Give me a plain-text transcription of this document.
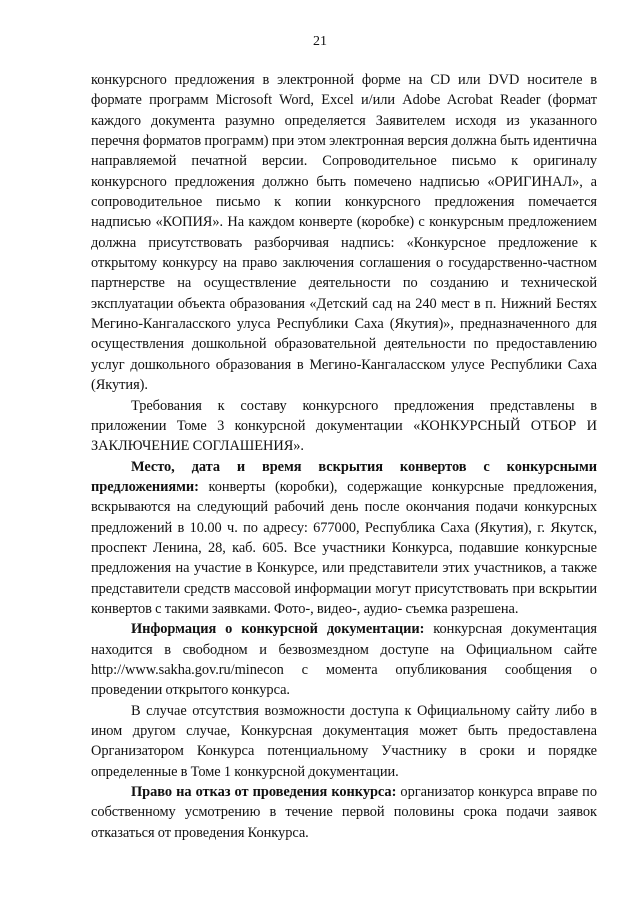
21

конкурсного предложения в электронной форме на CD или DVD носителе в формате программ Microsoft Word, Excel и/или Adobe Acrobat Reader (формат каждого документа разумно определяется Заявителем исходя из указанного перечня форматов программ) при этом электронная версия должна быть идентична направляемой печатной версии. Сопроводительное письмо к оригиналу конкурсного предложения должно быть помечено надписью «ОРИГИНАЛ», а сопроводительное письмо к копии конкурсного предложения помечается надписью «КОПИЯ». На каждом конверте (коробке) с конкурсным предложением должна присутствовать разборчивая надпись: «Конкурсное предложение к открытому конкурсу на право заключения соглашения о государственно-частном партнерстве на осуществление деятельности по созданию и технической эксплуатации объекта образования «Детский сад на 240 мест в п. Нижний Бестях Мегино-Кангаласского улуса Республики Саха (Якутия)», предназначенного для осуществления дошкольной образовательной деятельности по предоставлению услуг дошкольного образования в Мегино-Кангаласском улусе Республики Саха (Якутия).

Требования к составу конкурсного предложения представлены в приложении Томе 3 конкурсной документации «КОНКУРСНЫЙ ОТБОР И ЗАКЛЮЧЕНИЕ СОГЛАШЕНИЯ».

Место, дата и время вскрытия конвертов с конкурсными предложениями: конверты (коробки), содержащие конкурсные предложения, вскрываются на следующий рабочий день после окончания подачи конкурсных предложений в 10.00 ч. по адресу: 677000, Республика Саха (Якутия), г. Якутск, проспект Ленина, 28, каб. 605. Все участники Конкурса, подавшие конкурсные предложения на участие в Конкурсе, или представители этих участников, а также представители средств массовой информации могут присутствовать при вскрытии конвертов с такими заявками. Фото-, видео-, аудио- съемка разрешена.

Информация о конкурсной документации: конкурсная документация находится в свободном и безвозмездном доступе на Официальном сайте http://www.sakha.gov.ru/minecon с момента опубликования сообщения о проведении открытого конкурса.

В случае отсутствия возможности доступа к Официальному сайту либо в ином другом случае, Конкурсная документация может быть предоставлена Организатором Конкурса потенциальному Участнику в сроки и порядке определенные в Томе 1 конкурсной документации.

Право на отказ от проведения конкурса: организатор конкурса вправе по собственному усмотрению в течение первой половины срока подачи заявок отказаться от проведения Конкурса.
